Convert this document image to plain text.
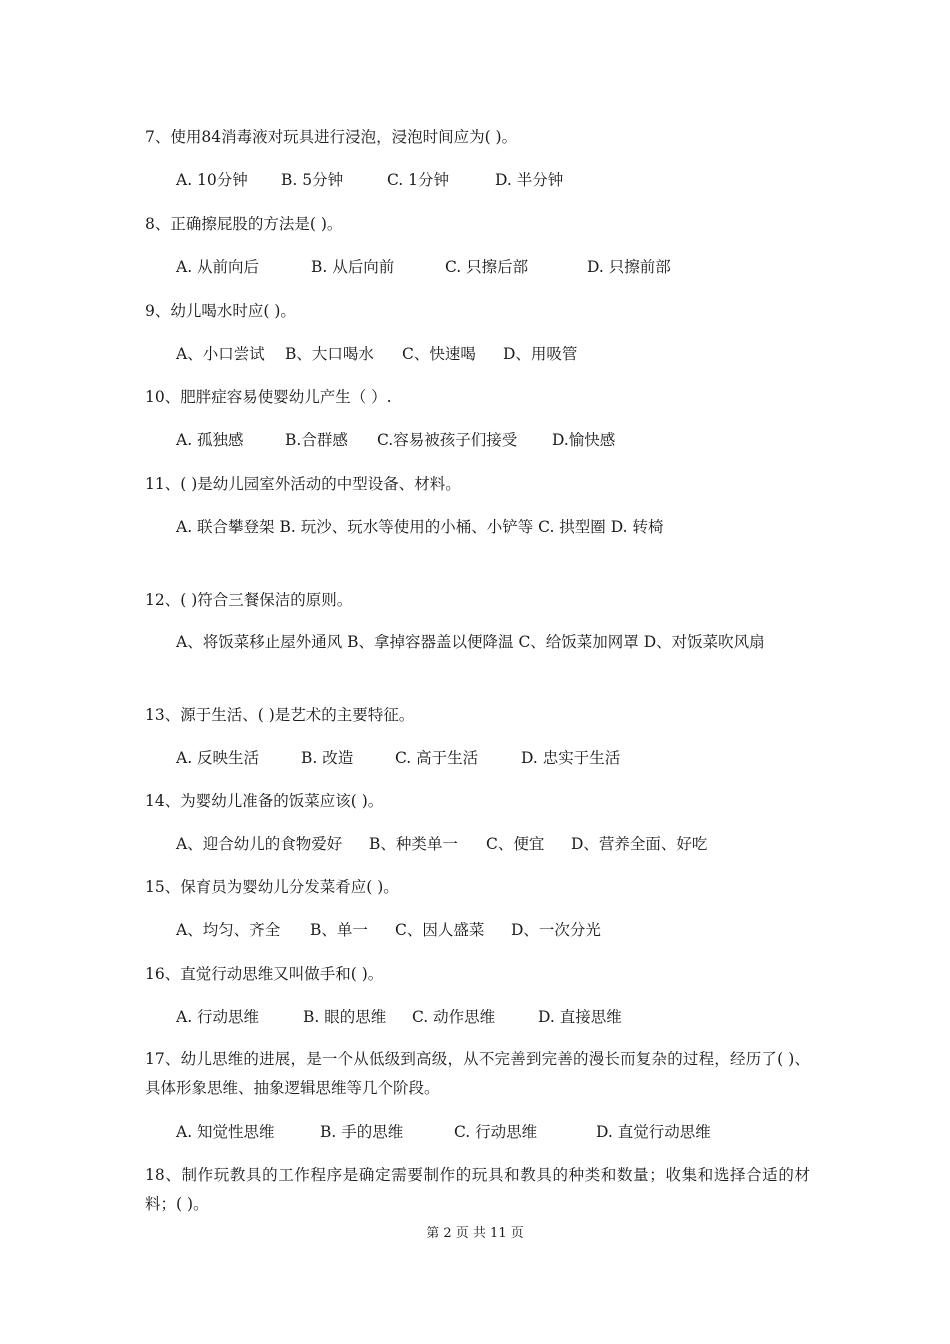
7、使用84消毒液对玩具进行浸泡，浸泡时间应为( )。
A. 10分钟 B. 5分钟	C. 1分钟	D. 半分钟
8、正确擦屁股的方法是( )。
A. 从前向后	B. 从后向前	C. 只擦后部	D. 只擦前部
9、幼儿喝水时应( )。
A、小口尝试 B、大口喝水 C、快速喝 D、用吸管
10、肥胖症容易使婴幼儿产生（ ）.
A. 孤独感	B.合群感 C.容易被孩子们接受 D.愉快感
11、( )是幼儿园室外活动的中型设备、材料。
A. 联合攀登架 B. 玩沙、玩水等使用的小桶、小铲等 C. 拱型圈 D. 转椅
12、( )符合三餐保洁的原则。
A、将饭菜移止屋外通风 B、拿掉容器盖以便降温 C、给饭菜加网罩 D、对饭菜吹风扇
13、源于生活、( )是艺术的主要特征。
A. 反映生活	B. 改造	C. 高于生活	D. 忠实于生活
14、为婴幼儿准备的饭菜应该( )。
A、迎合幼儿的食物爱好 B、种类单一 C、便宜 D、营养全面、好吃
15、保育员为婴幼儿分发菜肴应( )。
A、均匀、齐全 B、单一 C、因人盛菜 D、一次分光
16、直觉行动思维又叫做手和( )。
A. 行动思维	B. 眼的思维 C. 动作思维	D. 直接思维
17、幼儿思维的进展，是一个从低级到高级，从不完善到完善的漫长而复杂的过程，经历了( )、具体形象思维、抽象逻辑思维等几个阶段。
A. 知觉性思维	B. 手的思维	C. 行动思维	D. 直觉行动思维
18、制作玩教具的工作程序是确定需要制作的玩具和教具的种类和数量；收集和选择合适的材料；( )。
第 2 页 共 11 页
